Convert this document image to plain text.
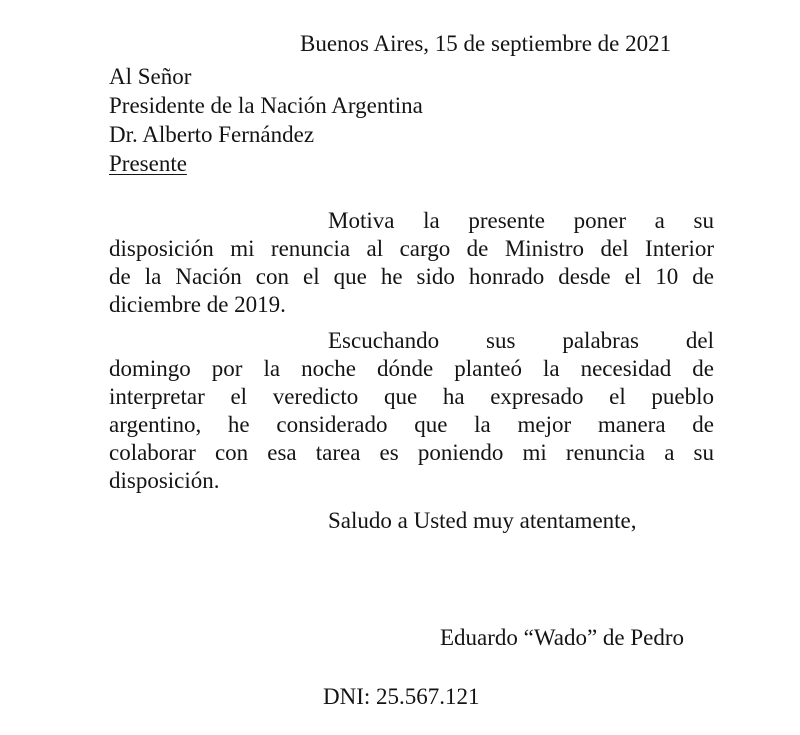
Buenos Aires, 15 de septiembre de 2021
Al Señor
Presidente de la Nación Argentina
Dr. Alberto Fernández
Presente
Motiva la presente poner a su
disposición mi renuncia al cargo de Ministro del Interior
de la Nación con el que he sido honrado desde el 10 de
diciembre de 2019.
Escuchando sus palabras del
domingo por la noche dónde planteó la necesidad de
interpretar el veredicto que ha expresado el pueblo
argentino, he considerado que la mejor manera de
colaborar con esa tarea es poniendo mi renuncia a su
disposición.
Saludo a Usted muy atentamente,
Eduardo “Wado” de Pedro
DNI: 25.567.121
